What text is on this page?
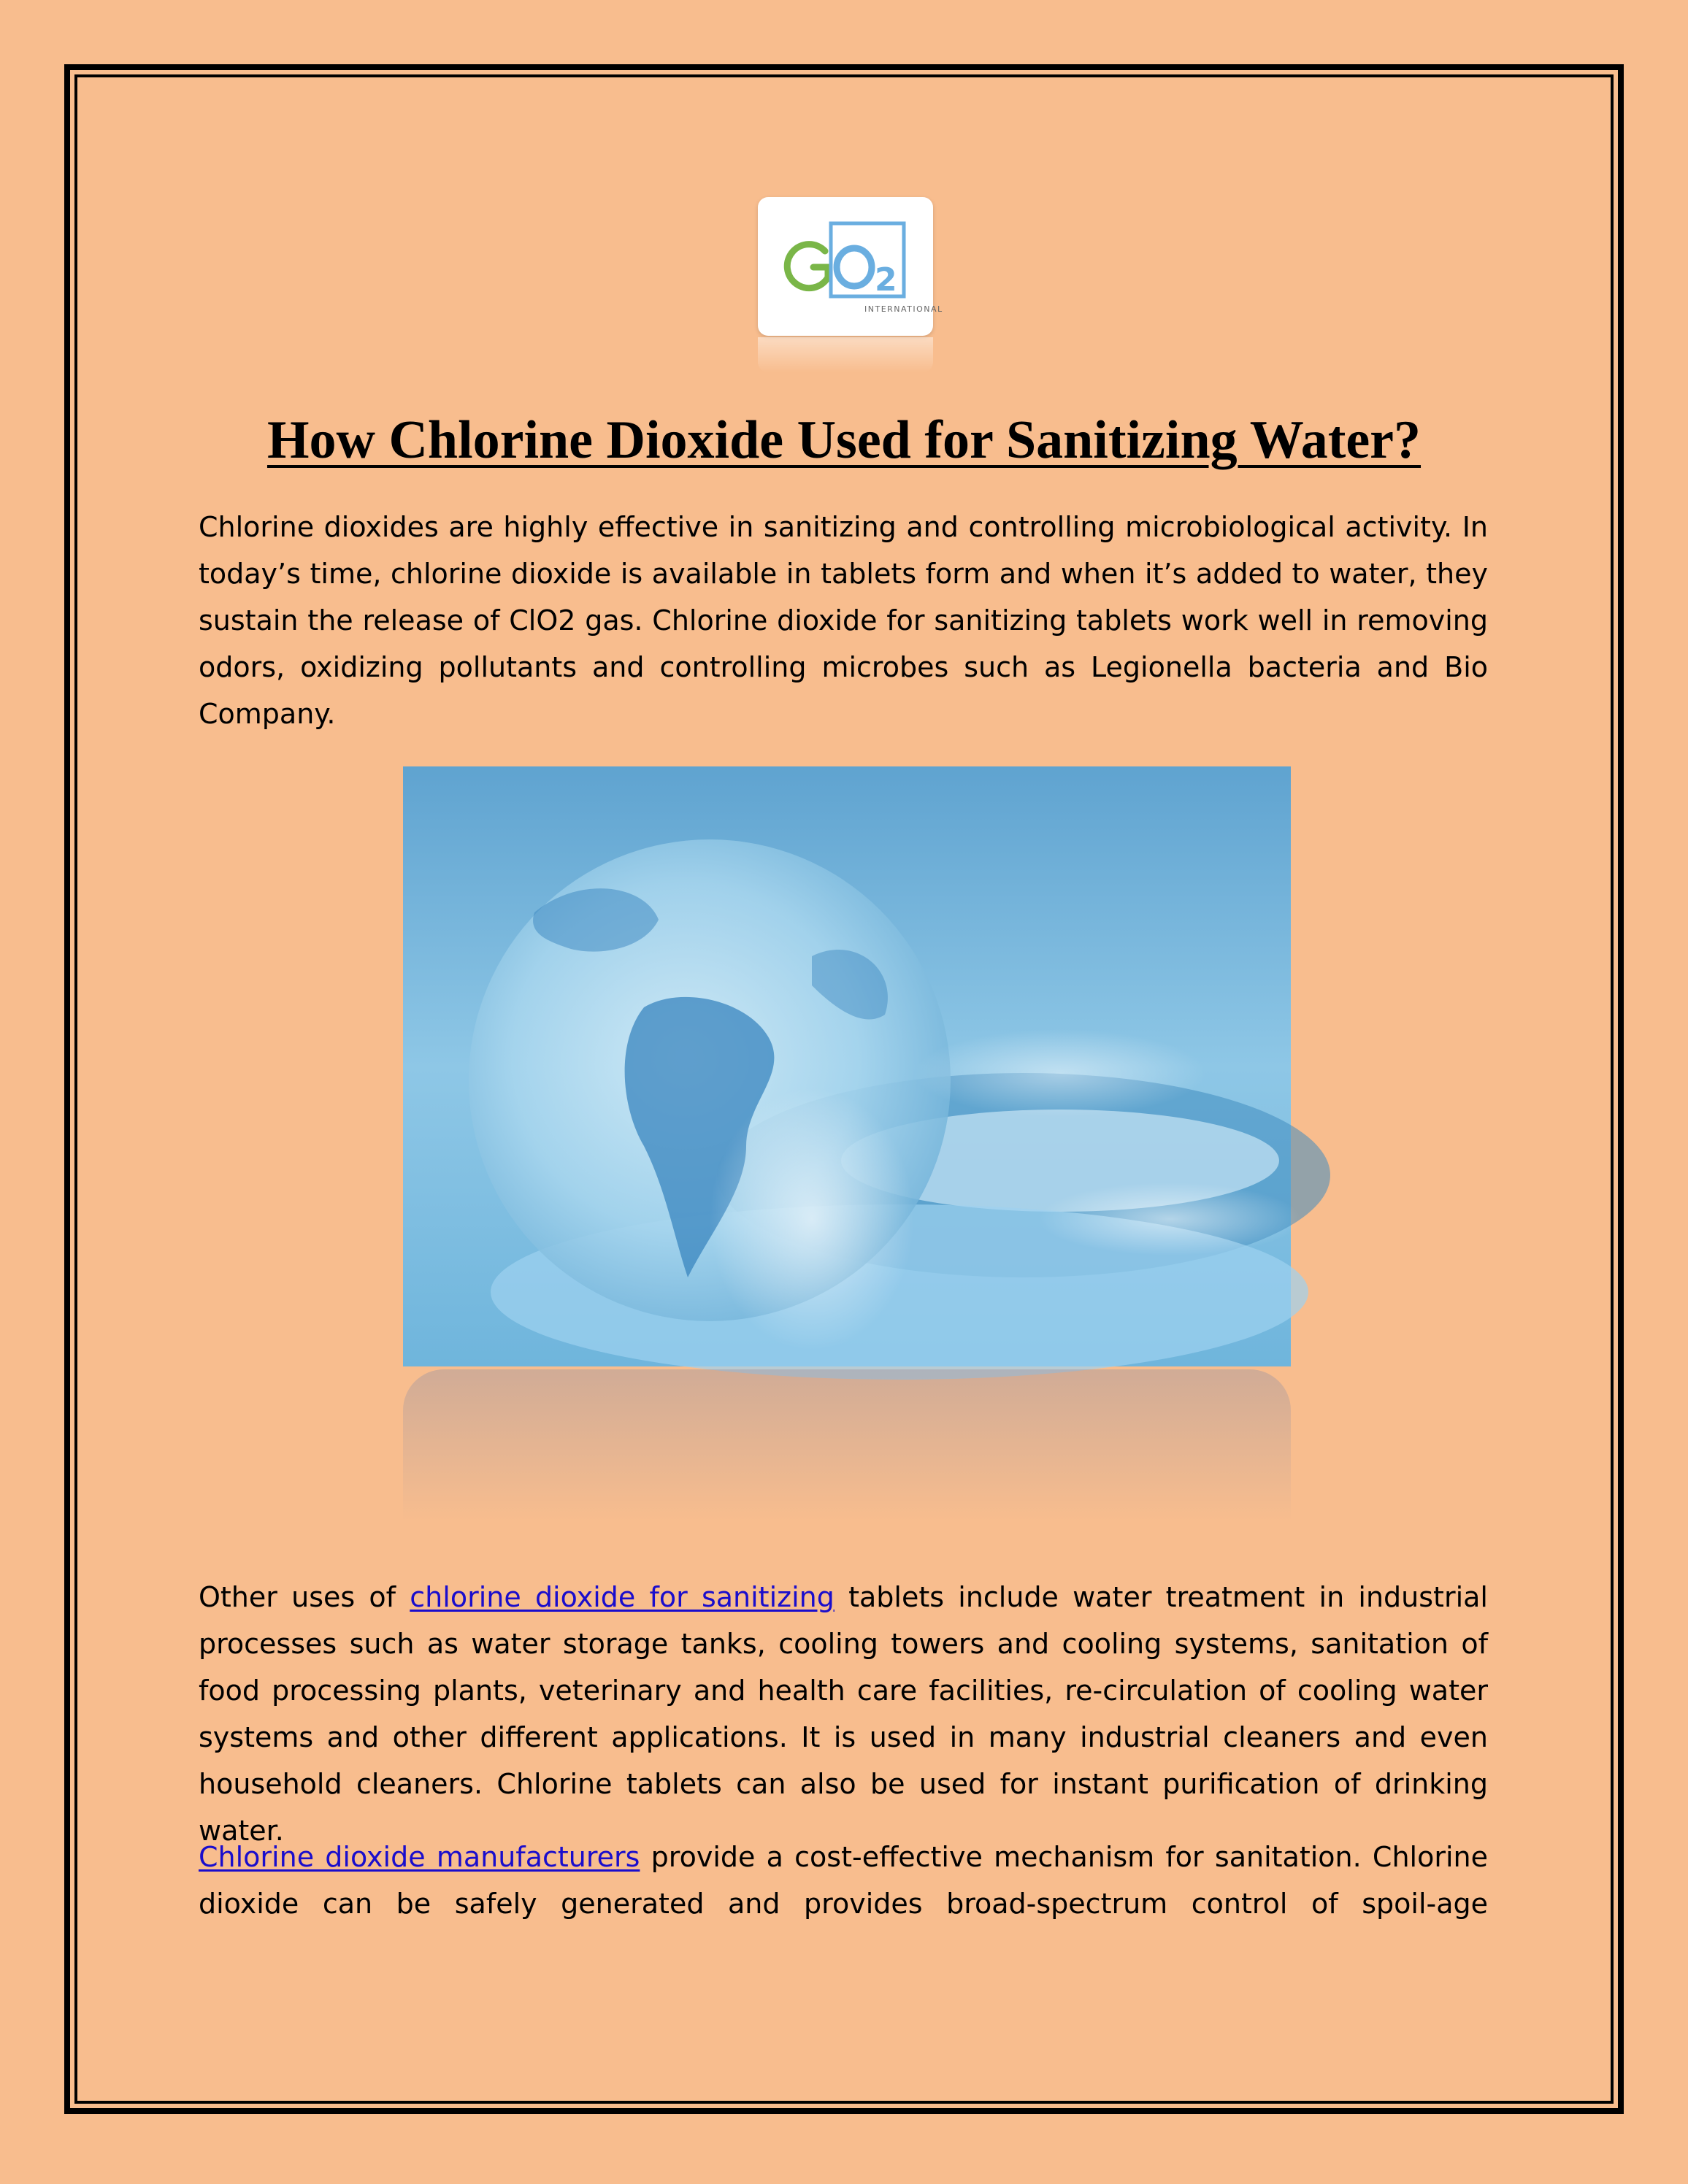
2
INTERNATIONAL
How Chlorine Dioxide Used for Sanitizing Water?

Chlorine dioxides are highly effective in sanitizing and controlling microbiological activity. In today’s time, chlorine dioxide is available in tablets form and when it’s added to water, they sustain the release of ClO2 gas. Chlorine dioxide for sanitizing tablets work well in removing odors, oxidizing pollutants and controlling microbes such as Legionella bacteria and Bio Company.

Other uses of chlorine dioxide for sanitizing tablets include water treatment in industrial processes such as water storage tanks, cooling towers and cooling systems, sanitation of food processing plants, veterinary and health care facilities, re-circulation of cooling water systems and other different applications. It is used in many industrial cleaners and even household cleaners. Chlorine tablets can also be used for instant purification of drinking water.

Chlorine dioxide manufacturers provide a cost-effective mechanism for sanitation. Chlorine dioxide can be safely generated and provides broad-spectrum control of spoil-age
